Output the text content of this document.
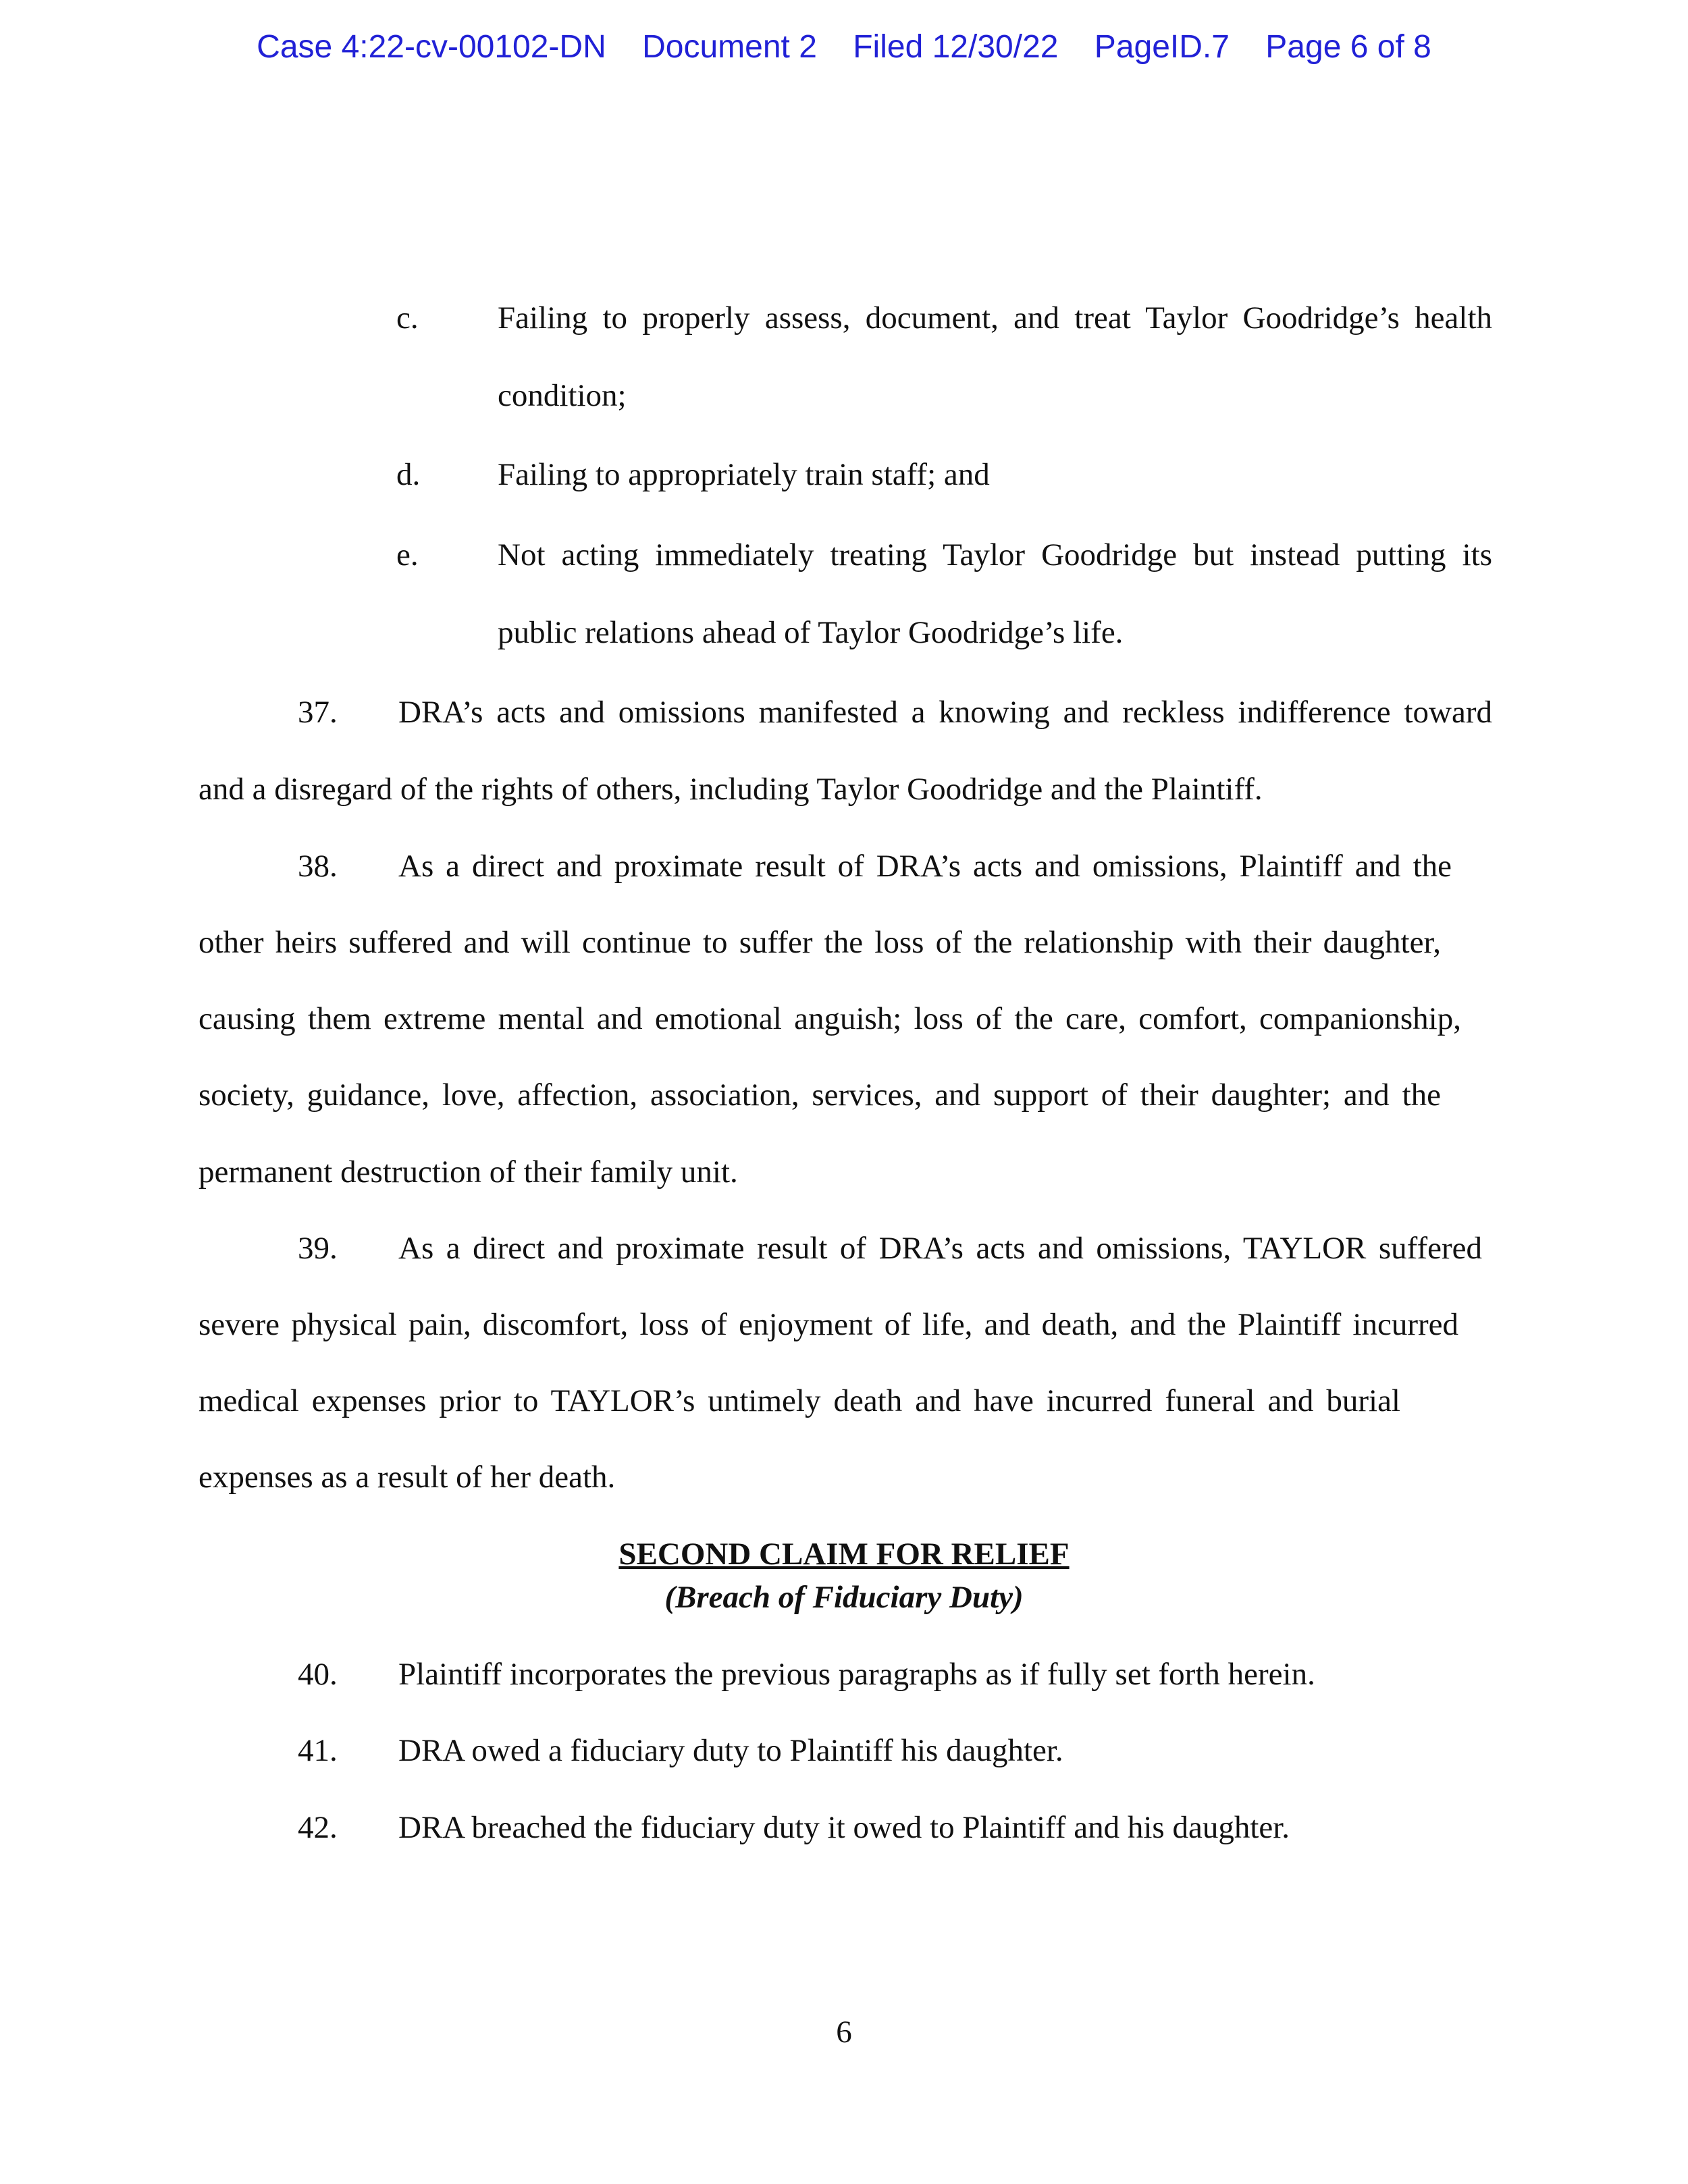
Case 4:22-cv-00102-DN Document 2 Filed 12/30/22 PageID.7 Page 6 of 8
c. Failing to properly assess, document, and treat Taylor Goodridge’s health
condition;
d. Failing to appropriately train staff; and
e. Not acting immediately treating Taylor Goodridge but instead putting its
public relations ahead of Taylor Goodridge’s life.
37. DRA’s acts and omissions manifested a knowing and reckless indifference toward
and a disregard of the rights of others, including Taylor Goodridge and the Plaintiff.
38. As a direct and proximate result of DRA’s acts and omissions, Plaintiff and the
other heirs suffered and will continue to suffer the loss of the relationship with their daughter,
causing them extreme mental and emotional anguish; loss of the care, comfort, companionship,
society, guidance, love, affection, association, services, and support of their daughter; and the
permanent destruction of their family unit.
39. As a direct and proximate result of DRA’s acts and omissions, TAYLOR suffered
severe physical pain, discomfort, loss of enjoyment of life, and death, and the Plaintiff incurred
medical expenses prior to TAYLOR’s untimely death and have incurred funeral and burial
expenses as a result of her death.
SECOND CLAIM FOR RELIEF
(Breach of Fiduciary Duty)
40. Plaintiff incorporates the previous paragraphs as if fully set forth herein.
41. DRA owed a fiduciary duty to Plaintiff his daughter.
42. DRA breached the fiduciary duty it owed to Plaintiff and his daughter.
6
